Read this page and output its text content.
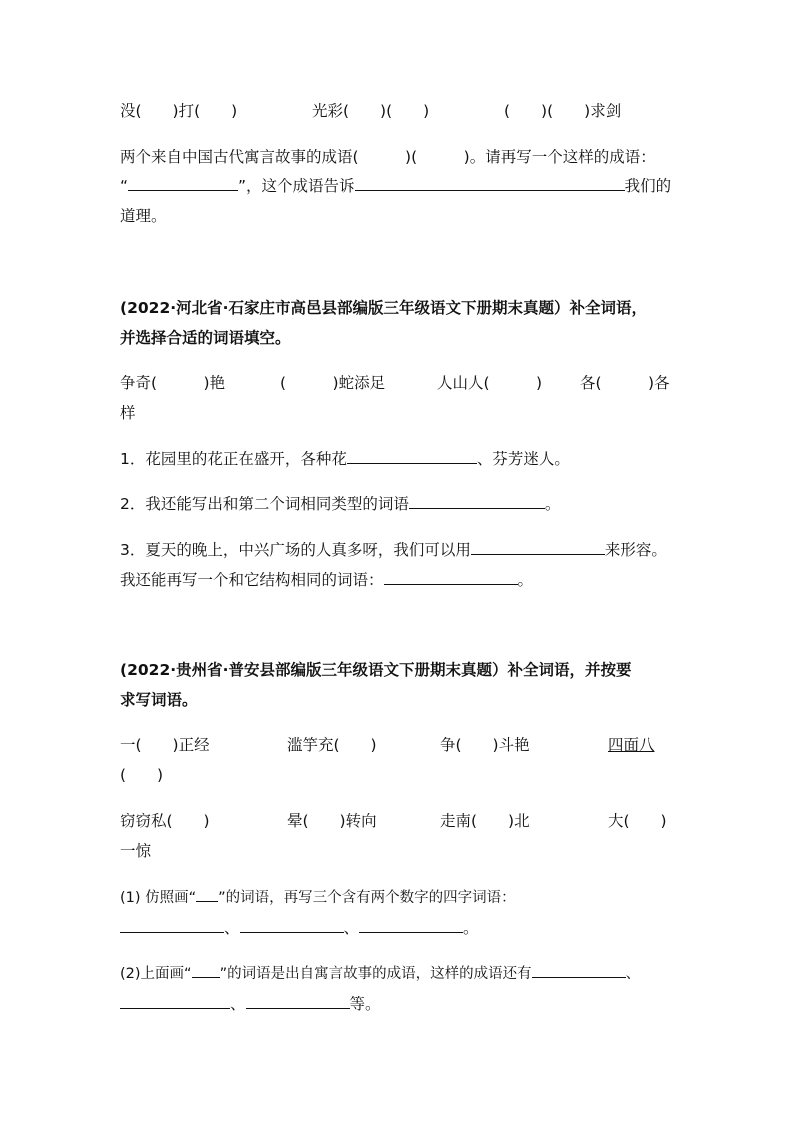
没(　　)打(　　)	光彩(　　)(　　)	(　　)(　　)求剑
两个来自中国古代寓言故事的成语(　　　)(　　　)。请再写一个这样的成语：
“	”，这个成语告诉	我们的
道理。
(2022·河北省·石家庄市高邑县部编版三年级语文下册期末真题）补全词语，
并选择合适的词语填空。
争奇(　　　)艳	(　　　)蛇添足	人山人(　　　) 各(　　　)各
样
1．花园里的花正在盛开，各种花	、芬芳迷人。
2．我还能写出和第二个词相同类型的词语	。
3．夏天的晚上，中兴广场的人真多呀，我们可以用	来形容。
我还能再写一个和它结构相同的词语：	。
(2022·贵州省·普安县部编版三年级语文下册期末真题）补全词语，并按要
求写词语。
一(　　)正经	滥竽充(　　)	争(　　)斗艳	四面八
(　　)
窃窃私(　　)	晕(　　)转向	走南(　　)北	大(　　)
一惊
(1) 仿照画“ ”的词语，再写三个含有两个数字的四字词语：
、	、	。
(2)上面画“ ”的词语是出自寓言故事的成语，这样的成语还有	、
、	等。
